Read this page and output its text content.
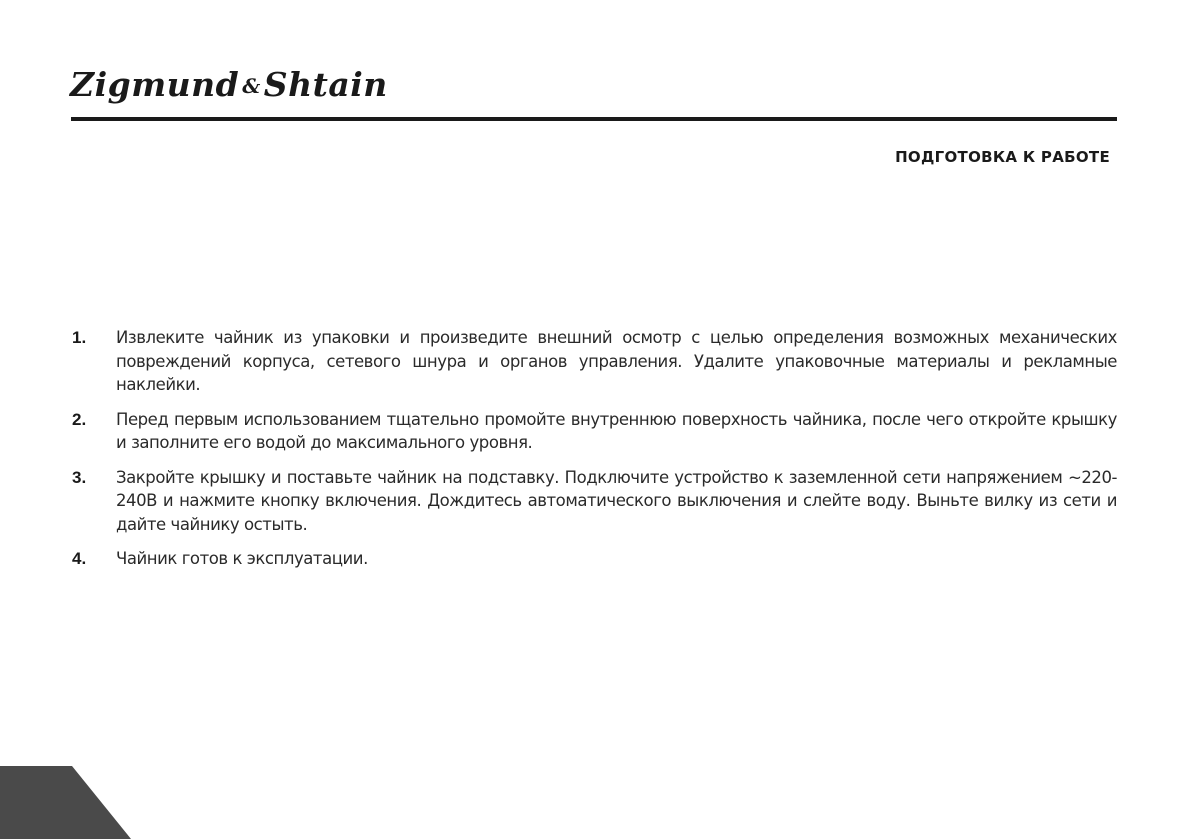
Zigmund &Shtain
ПОДГОТОВКА К РАБОТЕ
1.	Извлеките чайник из упаковки и произведите внешний осмотр с целью определения возможных механических повреждений корпуса, сетевого шнура и органов управления. Удалите упаковочные материалы и рекламные наклейки.
2.	Перед первым использованием тщательно промойте внутреннюю поверхность чайника, после чего откройте крышку и заполните его водой до максимального уровня.
3.	Закройте крышку и поставьте чайник на подставку. Подключите устройство к заземленной сети напряжением ~220-240В и нажмите кнопку включения. Дождитесь автоматического выключения и слейте воду. Выньте вилку из сети и дайте чайнику остыть.
4.	Чайник готов к эксплуатации.
